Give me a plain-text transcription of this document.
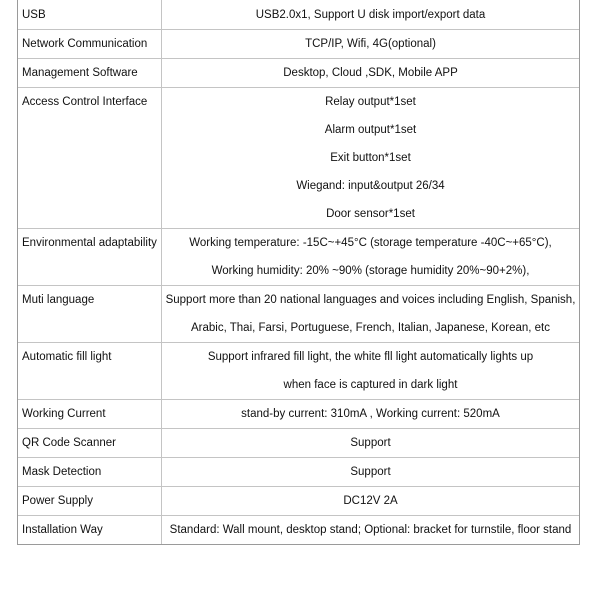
USB	USB2.0x1, Support U disk import/export data
Network Communication	TCP/IP, Wifi, 4G(optional)
Management Software	Desktop, Cloud ,SDK, Mobile APP
Access Control Interface	Relay output*1set
Alarm output*1set
Exit button*1set
Wiegand: input&output 26/34
Door sensor*1set
Environmental adaptability	Working temperature: -15C~+45°C (storage temperature -40C~+65°C),
Working humidity: 20% ~90% (storage humidity 20%~90+2%),
Muti language	Support more than 20 national languages and voices including English, Spanish,
Arabic, Thai, Farsi, Portuguese, French, Italian, Japanese, Korean, etc
Automatic fill light	Support infrared fill light, the white fll light automatically lights up
when face is captured in dark light
Working Current	stand-by current: 310mA , Working current: 520mA
QR Code Scanner	Support
Mask Detection	Support
Power Supply	DC12V 2A
Installation Way	Standard: Wall mount, desktop stand; Optional: bracket for turnstile, floor stand
